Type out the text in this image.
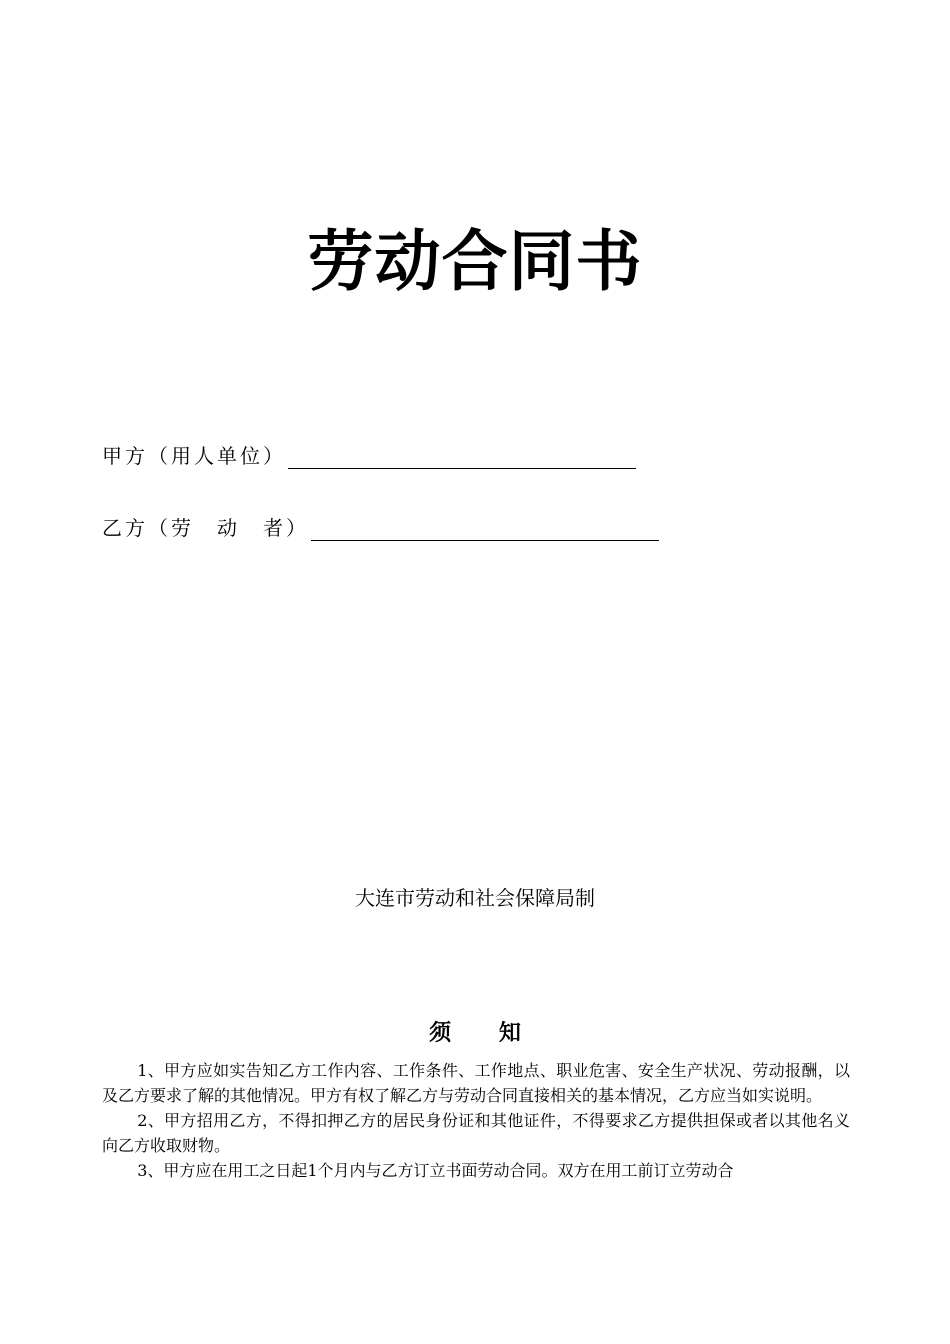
劳动合同书
甲方（用人单位）
乙方（劳　动　者）

大连市劳动和社会保障局制

须 知

1、甲方应如实告知乙方工作内容、工作条件、工作地点、职业危害、安全生产状况、劳动报酬，以及乙方要求了解的其他情况。甲方有权了解乙方与劳动合同直接相关的基本情况，乙方应当如实说明。

2、甲方招用乙方，不得扣押乙方的居民身份证和其他证件，不得要求乙方提供担保或者以其他名义向乙方收取财物。

3、甲方应在用工之日起1个月内与乙方订立书面劳动合同。双方在用工前订立劳动合
